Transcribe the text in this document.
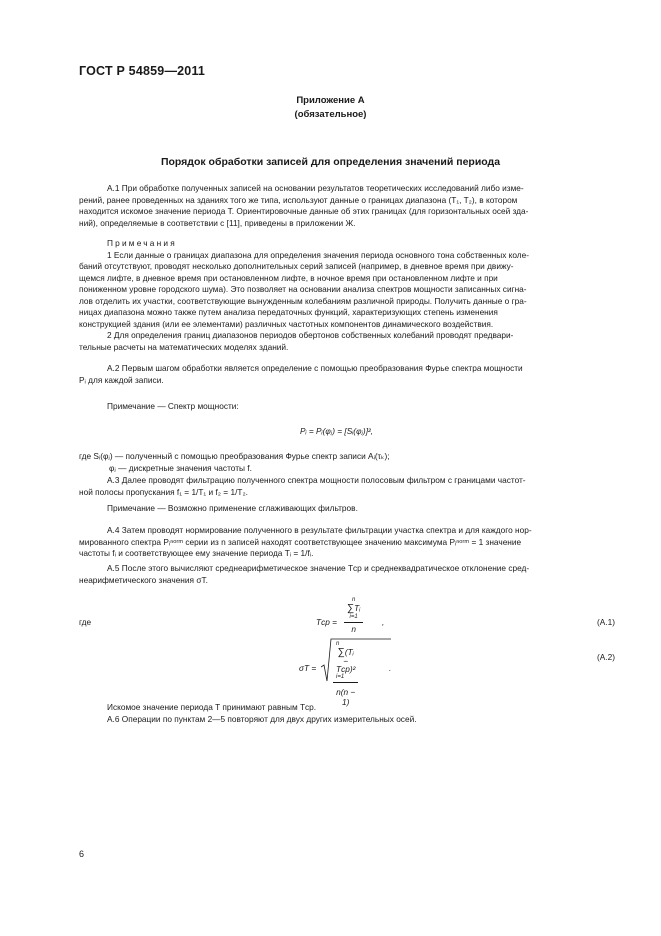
ГОСТ Р 54859—2011
Приложение А
(обязательное)
Порядок обработки записей для определения значений периода
А.1 При обработке полученных записей на основании результатов теоретических исследований либо изме-
рений, ранее проведенных на зданиях того же типа, используют данные о границах диапазона (T₁, T₂), в котором
находится искомое значение периода T. Ориентировочные данные об этих границах (для горизонтальных осей зда-
ний), определяемые в соответствии с [11], приведены в приложении Ж.
Примечания
1 Если данные о границах диапазона для определения значения периода основного тона собственных коле-
баний отсутствуют, проводят несколько дополнительных серий записей (например, в дневное время при движу-
щемся лифте, в дневное время при остановленном лифте, в ночное время при остановленном лифте и при
пониженном уровне городского шума). Это позволяет на основании анализа спектров мощности записанных сигна-
лов отделить их участки, соответствующие вынужденным колебаниям различной природы. Получить данные о гра-
ницах диапазона можно также путем анализа передаточных функций, характеризующих степень изменения
конструкцией здания (или ее элементами) различных частотных компонентов динамического воздействия.
2 Для определения границ диапазонов периодов обертонов собственных колебаний проводят предвари-
тельные расчеты на математических моделях зданий.
А.2 Первым шагом обработки является определение с помощью преобразования Фурье спектра мощности
Pᵢ для каждой записи.
Примечание — Спектр мощности:
Pᵢ = Pᵢ(φⱼ) = [Sᵢ(φⱼ)]²,
где Sᵢ(φⱼ) — полученный с помощью преобразования Фурье спектр записи Aᵢ(τₖ);
φⱼ — дискретные значения частоты f.
А.3 Далее проводят фильтрацию полученного спектра мощности полосовым фильтром с границами частот-
ной полосы пропускания f₁ = 1/T₁ и f₂ = 1/T₂.
Примечание — Возможно применение сглаживающих фильтров.
А.4 Затем проводят нормирование полученного в результате фильтрации участка спектра и для каждого нор-
мированного спектра Pᵢⁿᵒʳᵐ серии из n записей находят соответствующее значению максимума Pᵢⁿᵒʳᵐ = 1 значение
частоты fᵢ и соответствующее ему значение периода Tᵢ = 1/fᵢ.
А.5 После этого вычисляют среднеарифметическое значение Tср и среднеквадратическое отклонение сред-
неарифметического значения σT.
где	Tср = n
∑Tᵢ
i=1
n ,	(А.1)
σT =
n
∑(Tᵢ − Tср)²
i=1
n(n − 1)
.
(А.2)
Искомое значение периода T принимают равным Tср.
А.6 Операции по пунктам 2—5 повторяют для двух других измерительных осей.
6
